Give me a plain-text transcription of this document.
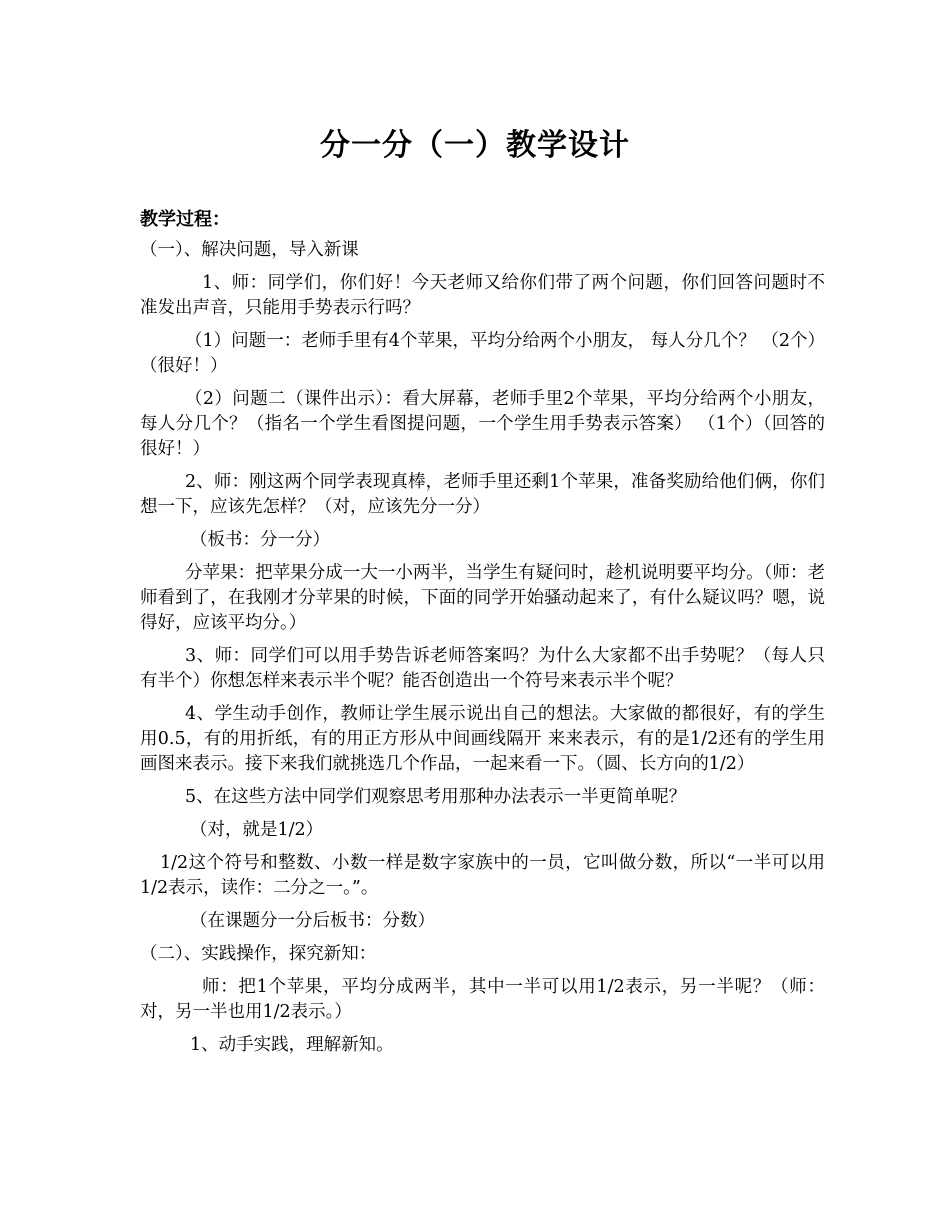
分一分（一）教学设计
教学过程：

（一）、解决问题，导入新课

1、师：同学们，你们好！今天老师又给你们带了两个问题，你们回答问题时不准发出声音，只能用手势表示行吗？

（1）问题一：老师手里有4个苹果，平均分给两个小朋友， 每人分几个？ （2个）（很好！）

（2）问题二（课件出示）：看大屏幕，老师手里2个苹果，平均分给两个小朋友， 每人分几个？（指名一个学生看图提问题，一个学生用手势表示答案） （1个）（回答的很好！）

2、师：刚这两个同学表现真棒，老师手里还剩1个苹果，准备奖励给他们俩，你们想一下，应该先怎样？（对，应该先分一分）

（板书：分一分）

分苹果：把苹果分成一大一小两半，当学生有疑问时，趁机说明要平均分。（师：老师看到了，在我刚才分苹果的时候，下面的同学开始骚动起来了，有什么疑议吗？嗯，说得好，应该平均分。）

3、师：同学们可以用手势告诉老师答案吗？为什么大家都不出手势呢？（每人只有半个）你想怎样来表示半个呢？能否创造出一个符号来表示半个呢？

4、学生动手创作，教师让学生展示说出自己的想法。大家做的都很好，有的学生用0.5，有的用折纸，有的用正方形从中间画线隔开 来来表示，有的是1/2还有的学生用画图来表示。接下来我们就挑选几个作品，一起来看一下。（圆、长方向的1/2）

5、在这些方法中同学们观察思考用那种办法表示一半更简单呢？

（对，就是1/2）

1/2这个符号和整数、小数一样是数字家族中的一员，它叫做分数，所以“一半可以用1/2表示，读作：二分之一。”。

（在课题分一分后板书：分数）

（二）、实践操作，探究新知：

师：把1个苹果，平均分成两半，其中一半可以用1/2表示，另一半呢？（师：对，另一半也用1/2表示。）

1、动手实践，理解新知。
